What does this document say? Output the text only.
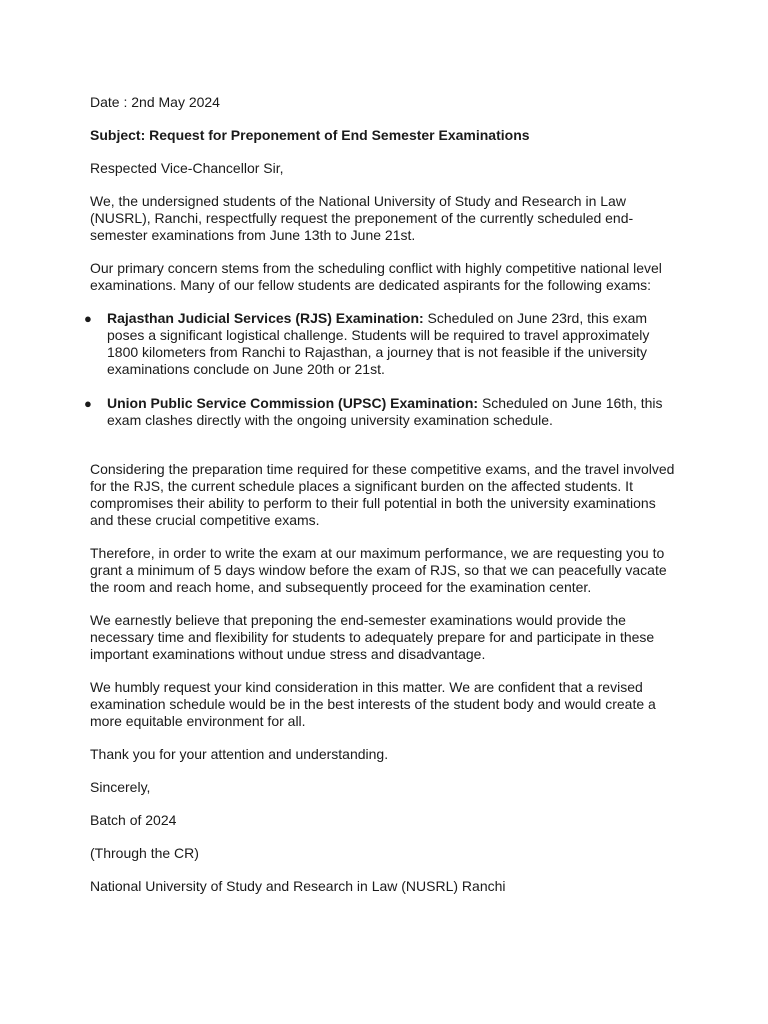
Date : 2nd May 2024

Subject: Request for Preponement of End Semester Examinations

Respected Vice-Chancellor Sir,

We, the undersigned students of the National University of Study and Research in Law (NUSRL), Ranchi, respectfully request the preponement of the currently scheduled end-semester examinations from June 13th to June 21st.

Our primary concern stems from the scheduling conflict with highly competitive national level examinations. Many of our fellow students are dedicated aspirants for the following exams:

● Rajasthan Judicial Services (RJS) Examination: Scheduled on June 23rd, this exam poses a significant logistical challenge. Students will be required to travel approximately 1800 kilometers from Ranchi to Rajasthan, a journey that is not feasible if the university examinations conclude on June 20th or 21st.
● Union Public Service Commission (UPSC) Examination: Scheduled on June 16th, this exam clashes directly with the ongoing university examination schedule.

Considering the preparation time required for these competitive exams, and the travel involved for the RJS, the current schedule places a significant burden on the affected students. It compromises their ability to perform to their full potential in both the university examinations and these crucial competitive exams.

Therefore, in order to write the exam at our maximum performance, we are requesting you to grant a minimum of 5 days window before the exam of RJS, so that we can peacefully vacate the room and reach home, and subsequently proceed for the examination center.

We earnestly believe that preponing the end-semester examinations would provide the necessary time and flexibility for students to adequately prepare for and participate in these important examinations without undue stress and disadvantage.

We humbly request your kind consideration in this matter. We are confident that a revised examination schedule would be in the best interests of the student body and would create a more equitable environment for all.

Thank you for your attention and understanding.

Sincerely,

Batch of 2024

(Through the CR)

National University of Study and Research in Law (NUSRL) Ranchi
